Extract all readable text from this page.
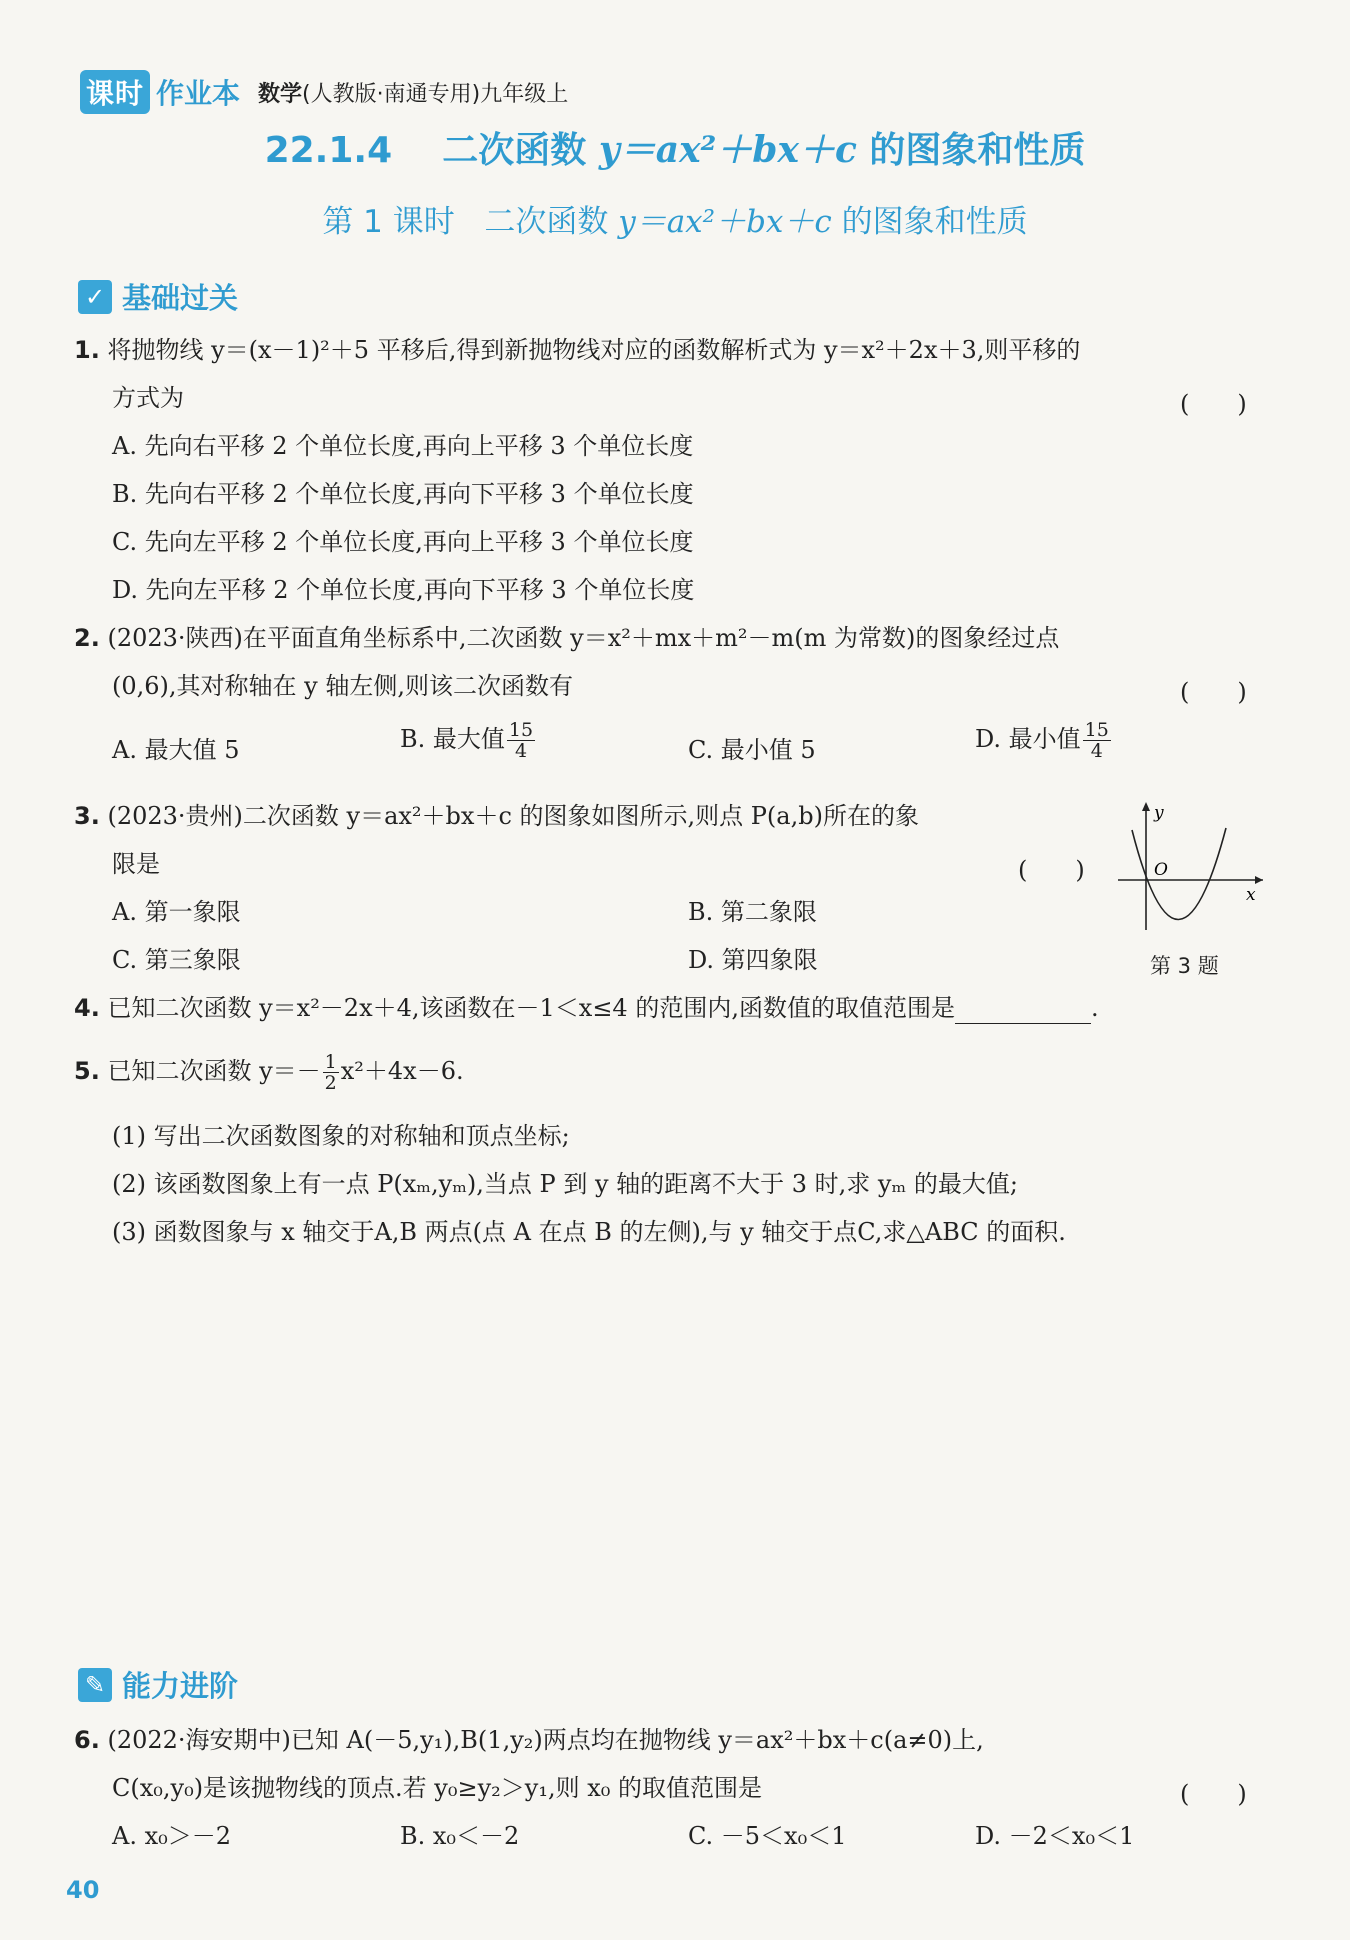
课时 作业本 数学(人教版·南通专用)九年级上
22.1.4 二次函数 y＝ax²＋bx＋c 的图象和性质
第 1 课时 二次函数 y＝ax²＋bx＋c 的图象和性质
✓ 基础过关
1. 将抛物线 y＝(x－1)²＋5 平移后,得到新抛物线对应的函数解析式为 y＝x²＋2x＋3,则平移的
方式为	(　　)
A. 先向右平移 2 个单位长度,再向上平移 3 个单位长度
B. 先向右平移 2 个单位长度,再向下平移 3 个单位长度
C. 先向左平移 2 个单位长度,再向上平移 3 个单位长度
D. 先向左平移 2 个单位长度,再向下平移 3 个单位长度
2. (2023·陕西)在平面直角坐标系中,二次函数 y＝x²＋mx＋m²－m(m 为常数)的图象经过点
(0,6),其对称轴在 y 轴左侧,则该二次函数有	(　　)
A. 最大值 5	B. 最大值 $\frac{15}{4}$	C. 最小值 5	D. 最小值 $\frac{15}{4}$
3. (2023·贵州)二次函数 y＝ax²＋bx＋c 的图象如图所示,则点 P(a,b)所在的象
限是	(　　)
A. 第一象限	B. 第二象限
C. 第三象限	D. 第四象限
y
x
O
第 3 题
4. 已知二次函数 y＝x²－2x＋4,该函数在－1＜x≤4 的范围内,函数值的取值范围是	.
5. 已知二次函数 $y=- \frac{1}{2} x^2+4x-6$.
(1) 写出二次函数图象的对称轴和顶点坐标;
(2) 该函数图象上有一点 P(xₘ,yₘ),当点 P 到 y 轴的距离不大于 3 时,求 yₘ 的最大值;
(3) 函数图象与 x 轴交于A,B 两点(点 A 在点 B 的左侧),与 y 轴交于点C,求△ABC 的面积.
✎ 能力进阶
6. (2022·海安期中)已知 A(－5,y₁),B(1,y₂)两点均在抛物线 y＝ax²＋bx＋c(a≠0)上,
C(x₀,y₀)是该抛物线的顶点.若 y₀≥y₂＞y₁,则 x₀ 的取值范围是	(　　)
A. x₀＞－2	B. x₀＜－2	C. －5＜x₀＜1	D. －2＜x₀＜1
40
